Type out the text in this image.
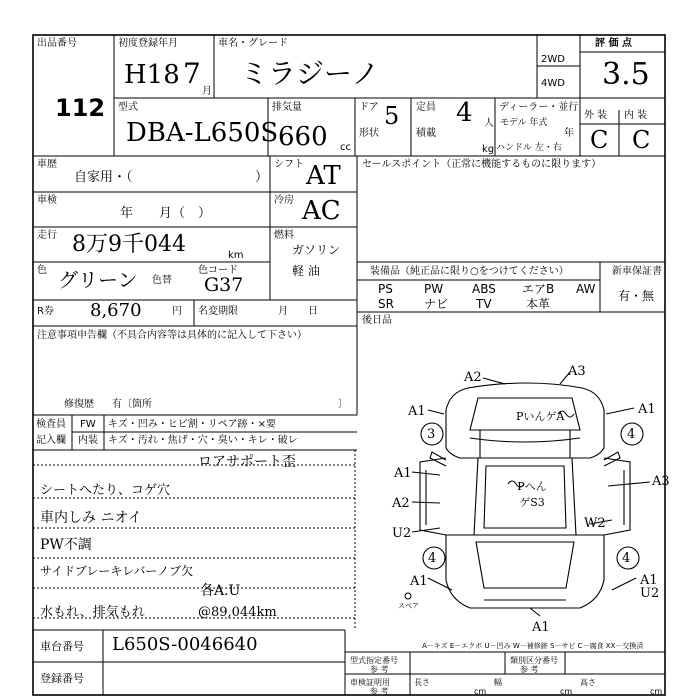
出品番号
112
初度登録年月
H18 7
月
車名・グレード
ミラジーノ	2WD
4WD
評 価 点
3.5
型式
DBA-L650S
排気量
660 cc
ドア 5 定員 4 人
ディーラー・並行
モデル 年式
形状	積載
kg ハンドル 左・右
年
外 装 内 装
C C
車歴
自家用・（	）
車検
年　　月（　）
走行 8万9千044	km
色 グリーン 色替
色コード
G37
R券 8,670	円 名変期限	月　　日
シフト AT
冷房 AC
燃料
ガソリン
軽 油
セールスポイント（正常に機能するものに限ります）
装備品（純正品に限り○をつけてください）
PS	PW ABS エアB AW
SR	ナビ TV	本革
新車保証書
有・無
後日品
注意事項申告欄（不具合内容等は具体的に記入して下さい）
修復歴 有〔箇所	〕
検査員
記入欄
FW キズ・凹み・ヒビ割・リペア跡・×要
内装 キズ・汚れ・焦げ・穴・臭い・キレ・破レ
ロアサポート歪
シートへたり、コゲ穴
車内しみ ニオイ
PW不調
サイドブレーキレバーノブ欠
各A.U
水もれ、排気もれ	@89,044km
A2	A3
A1	A1
3	4
PいんゲA
A1
A3
PへんゲS3
A2
W2
U2
4	4
A1	A1 U2
A1
スペア
A－キズ E－エクボ U－凹み W－補修跡 S－サビ C－腐食 XX－交換済
車台番号 L650S-0046640
登録番号
型式指定番号
参 考
類別区分番号
参 考
車検証明用
参 考
長さ
cm
幅
cm
高さ
cm
